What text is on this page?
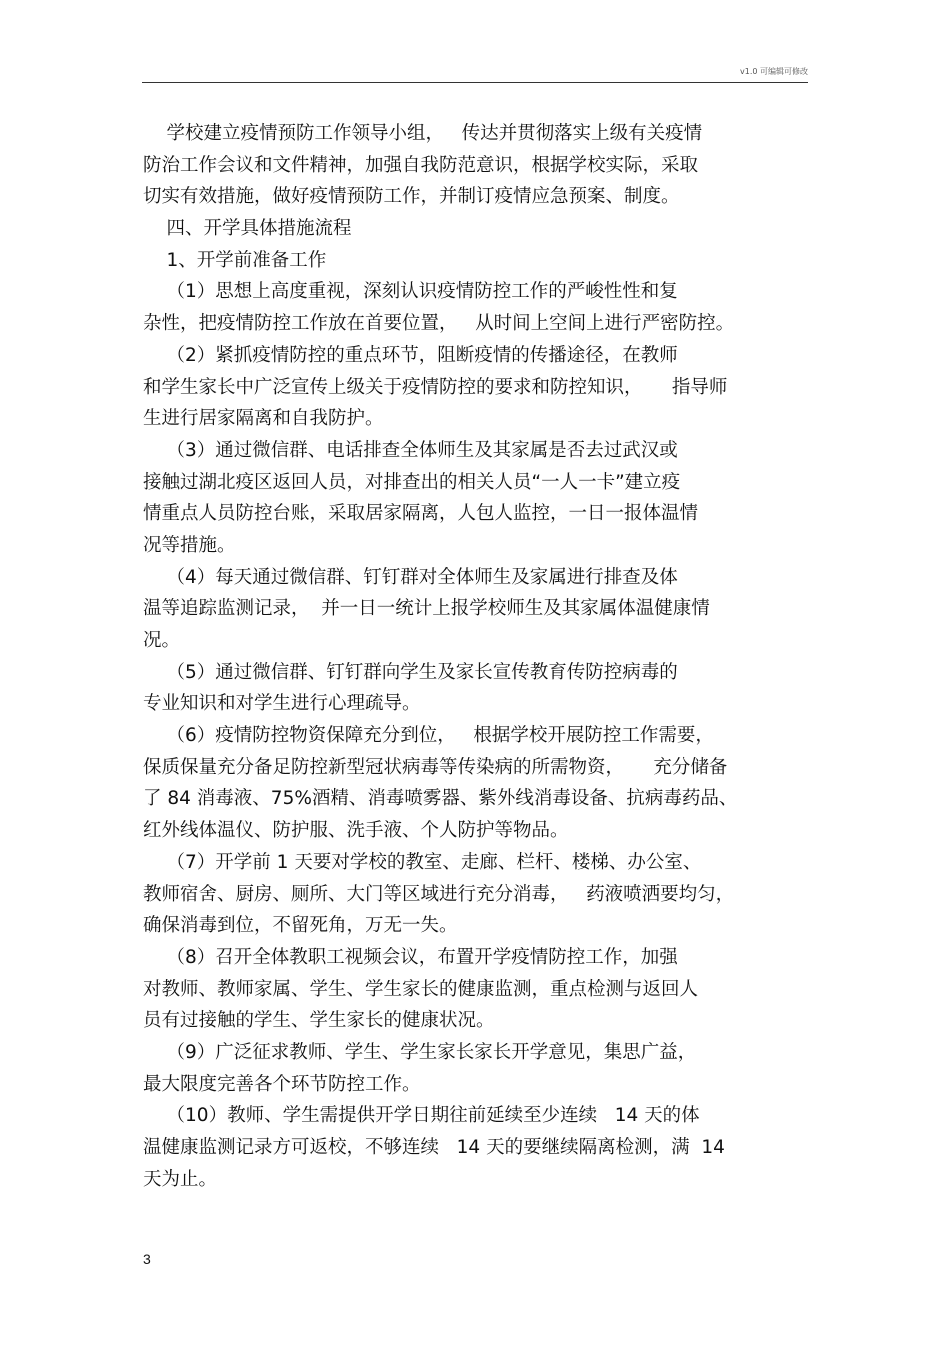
v1.0 可编辑可修改
学校建立疫情预防工作领导小组，   传达并贯彻落实上级有关疫情
防治工作会议和文件精神，加强自我防范意识，根据学校实际，采取
切实有效措施，做好疫情预防工作，并制订疫情应急预案、制度。
四、开学具体措施流程
1、开学前准备工作
（1）思想上高度重视，深刻认识疫情防控工作的严峻性性和复
杂性，把疫情防控工作放在首要位置，   从时间上空间上进行严密防控。
（2）紧抓疫情防控的重点环节，阻断疫情的传播途径，在教师
和学生家长中广泛宣传上级关于疫情防控的要求和防控知识，     指导师
生进行居家隔离和自我防护。
（3）通过微信群、电话排查全体师生及其家属是否去过武汉或
接触过湖北疫区返回人员，对排查出的相关人员“一人一卡”建立疫
情重点人员防控台账，采取居家隔离，人包人监控，一日一报体温情
况等措施。
（4）每天通过微信群、钉钉群对全体师生及家属进行排查及体
温等追踪监测记录，  并一日一统计上报学校师生及其家属体温健康情
况。
（5）通过微信群、钉钉群向学生及家长宣传教育传防控病毒的
专业知识和对学生进行心理疏导。
（6）疫情防控物资保障充分到位，   根据学校开展防控工作需要，
保质保量充分备足防控新型冠状病毒等传染病的所需物资，     充分储备
了 84 消毒液、75%酒精、消毒喷雾器、紫外线消毒设备、抗病毒药品、
红外线体温仪、防护服、洗手液、个人防护等物品。
（7）开学前 1 天要对学校的教室、走廊、栏杆、楼梯、办公室、
教师宿舍、厨房、厕所、大门等区域进行充分消毒，   药液喷洒要均匀，
确保消毒到位，不留死角，万无一失。
（8）召开全体教职工视频会议，布置开学疫情防控工作，加强
对教师、教师家属、学生、学生家长的健康监测，重点检测与返回人
员有过接触的学生、学生家长的健康状况。
（9）广泛征求教师、学生、学生家长家长开学意见，集思广益，
最大限度完善各个环节防控工作。
（10）教师、学生需提供开学日期往前延续至少连续   14 天的体
温健康监测记录方可返校，不够连续   14 天的要继续隔离检测，满  14
天为止。
3
